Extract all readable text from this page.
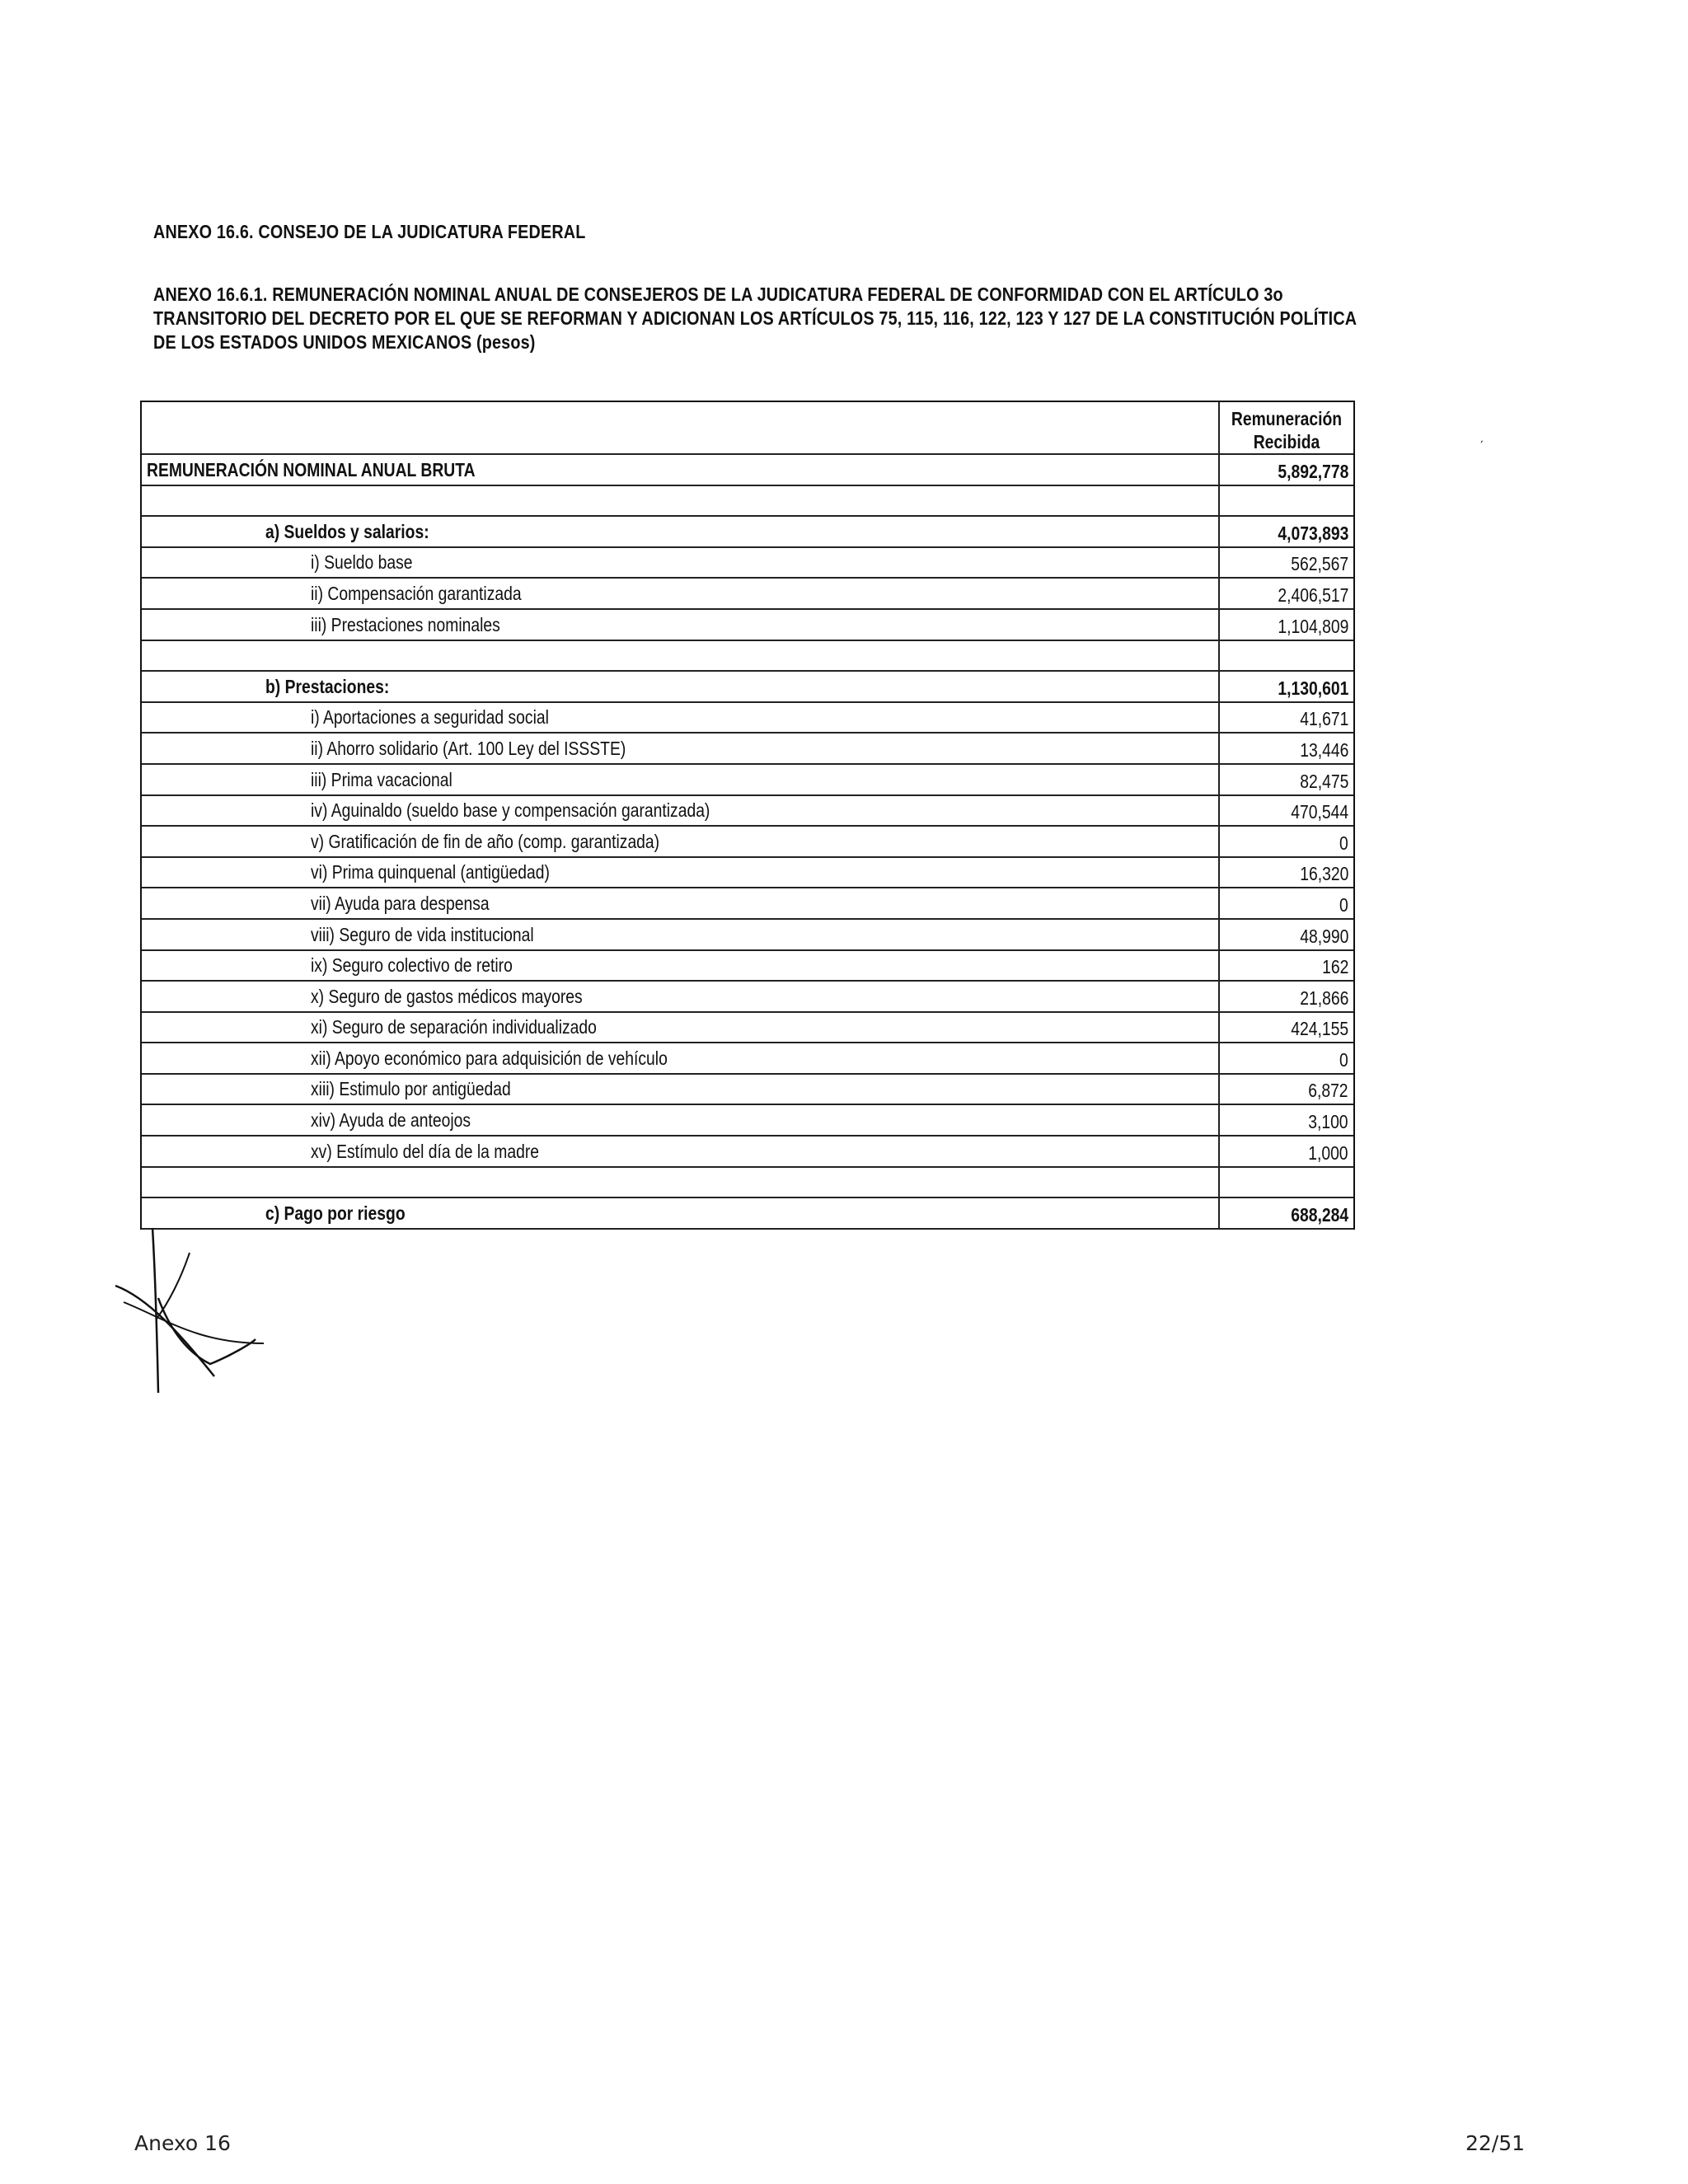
ANEXO 16.6. CONSEJO DE LA JUDICATURA FEDERAL
ANEXO 16.6.1. REMUNERACIÓN NOMINAL ANUAL DE CONSEJEROS DE LA JUDICATURA FEDERAL DE CONFORMIDAD CON EL ARTÍCULO 3o
TRANSITORIO DEL DECRETO POR EL QUE SE REFORMAN Y ADICIONAN LOS ARTÍCULOS 75, 115, 116, 122, 123 Y 127 DE LA CONSTITUCIÓN POLÍTICA
DE LOS ESTADOS UNIDOS MEXICANOS (pesos)
ˏ
Remuneración
Recibida
REMUNERACIÓN NOMINAL ANUAL BRUTA	5,892,778
a) Sueldos y salarios:	4,073,893
i) Sueldo base	562,567
ii) Compensación garantizada	2,406,517
iii) Prestaciones nominales	1,104,809
b) Prestaciones:	1,130,601
i) Aportaciones a seguridad social	41,671
ii) Ahorro solidario (Art. 100 Ley del ISSSTE)	13,446
iii) Prima vacacional	82,475
iv) Aguinaldo (sueldo base y compensación garantizada)	470,544
v) Gratificación de fin de año (comp. garantizada)	0
vi) Prima quinquenal (antigüedad)	16,320
vii) Ayuda para despensa	0
viii) Seguro de vida institucional	48,990
ix) Seguro colectivo de retiro	162
x) Seguro de gastos médicos mayores	21,866
xi) Seguro de separación individualizado	424,155
xii) Apoyo económico para adquisición de vehículo	0
xiii) Estimulo por antigüedad	6,872
xiv) Ayuda de anteojos	3,100
xv) Estímulo del día de la madre	1,000
c) Pago por riesgo	688,284
Anexo 16	22/51
